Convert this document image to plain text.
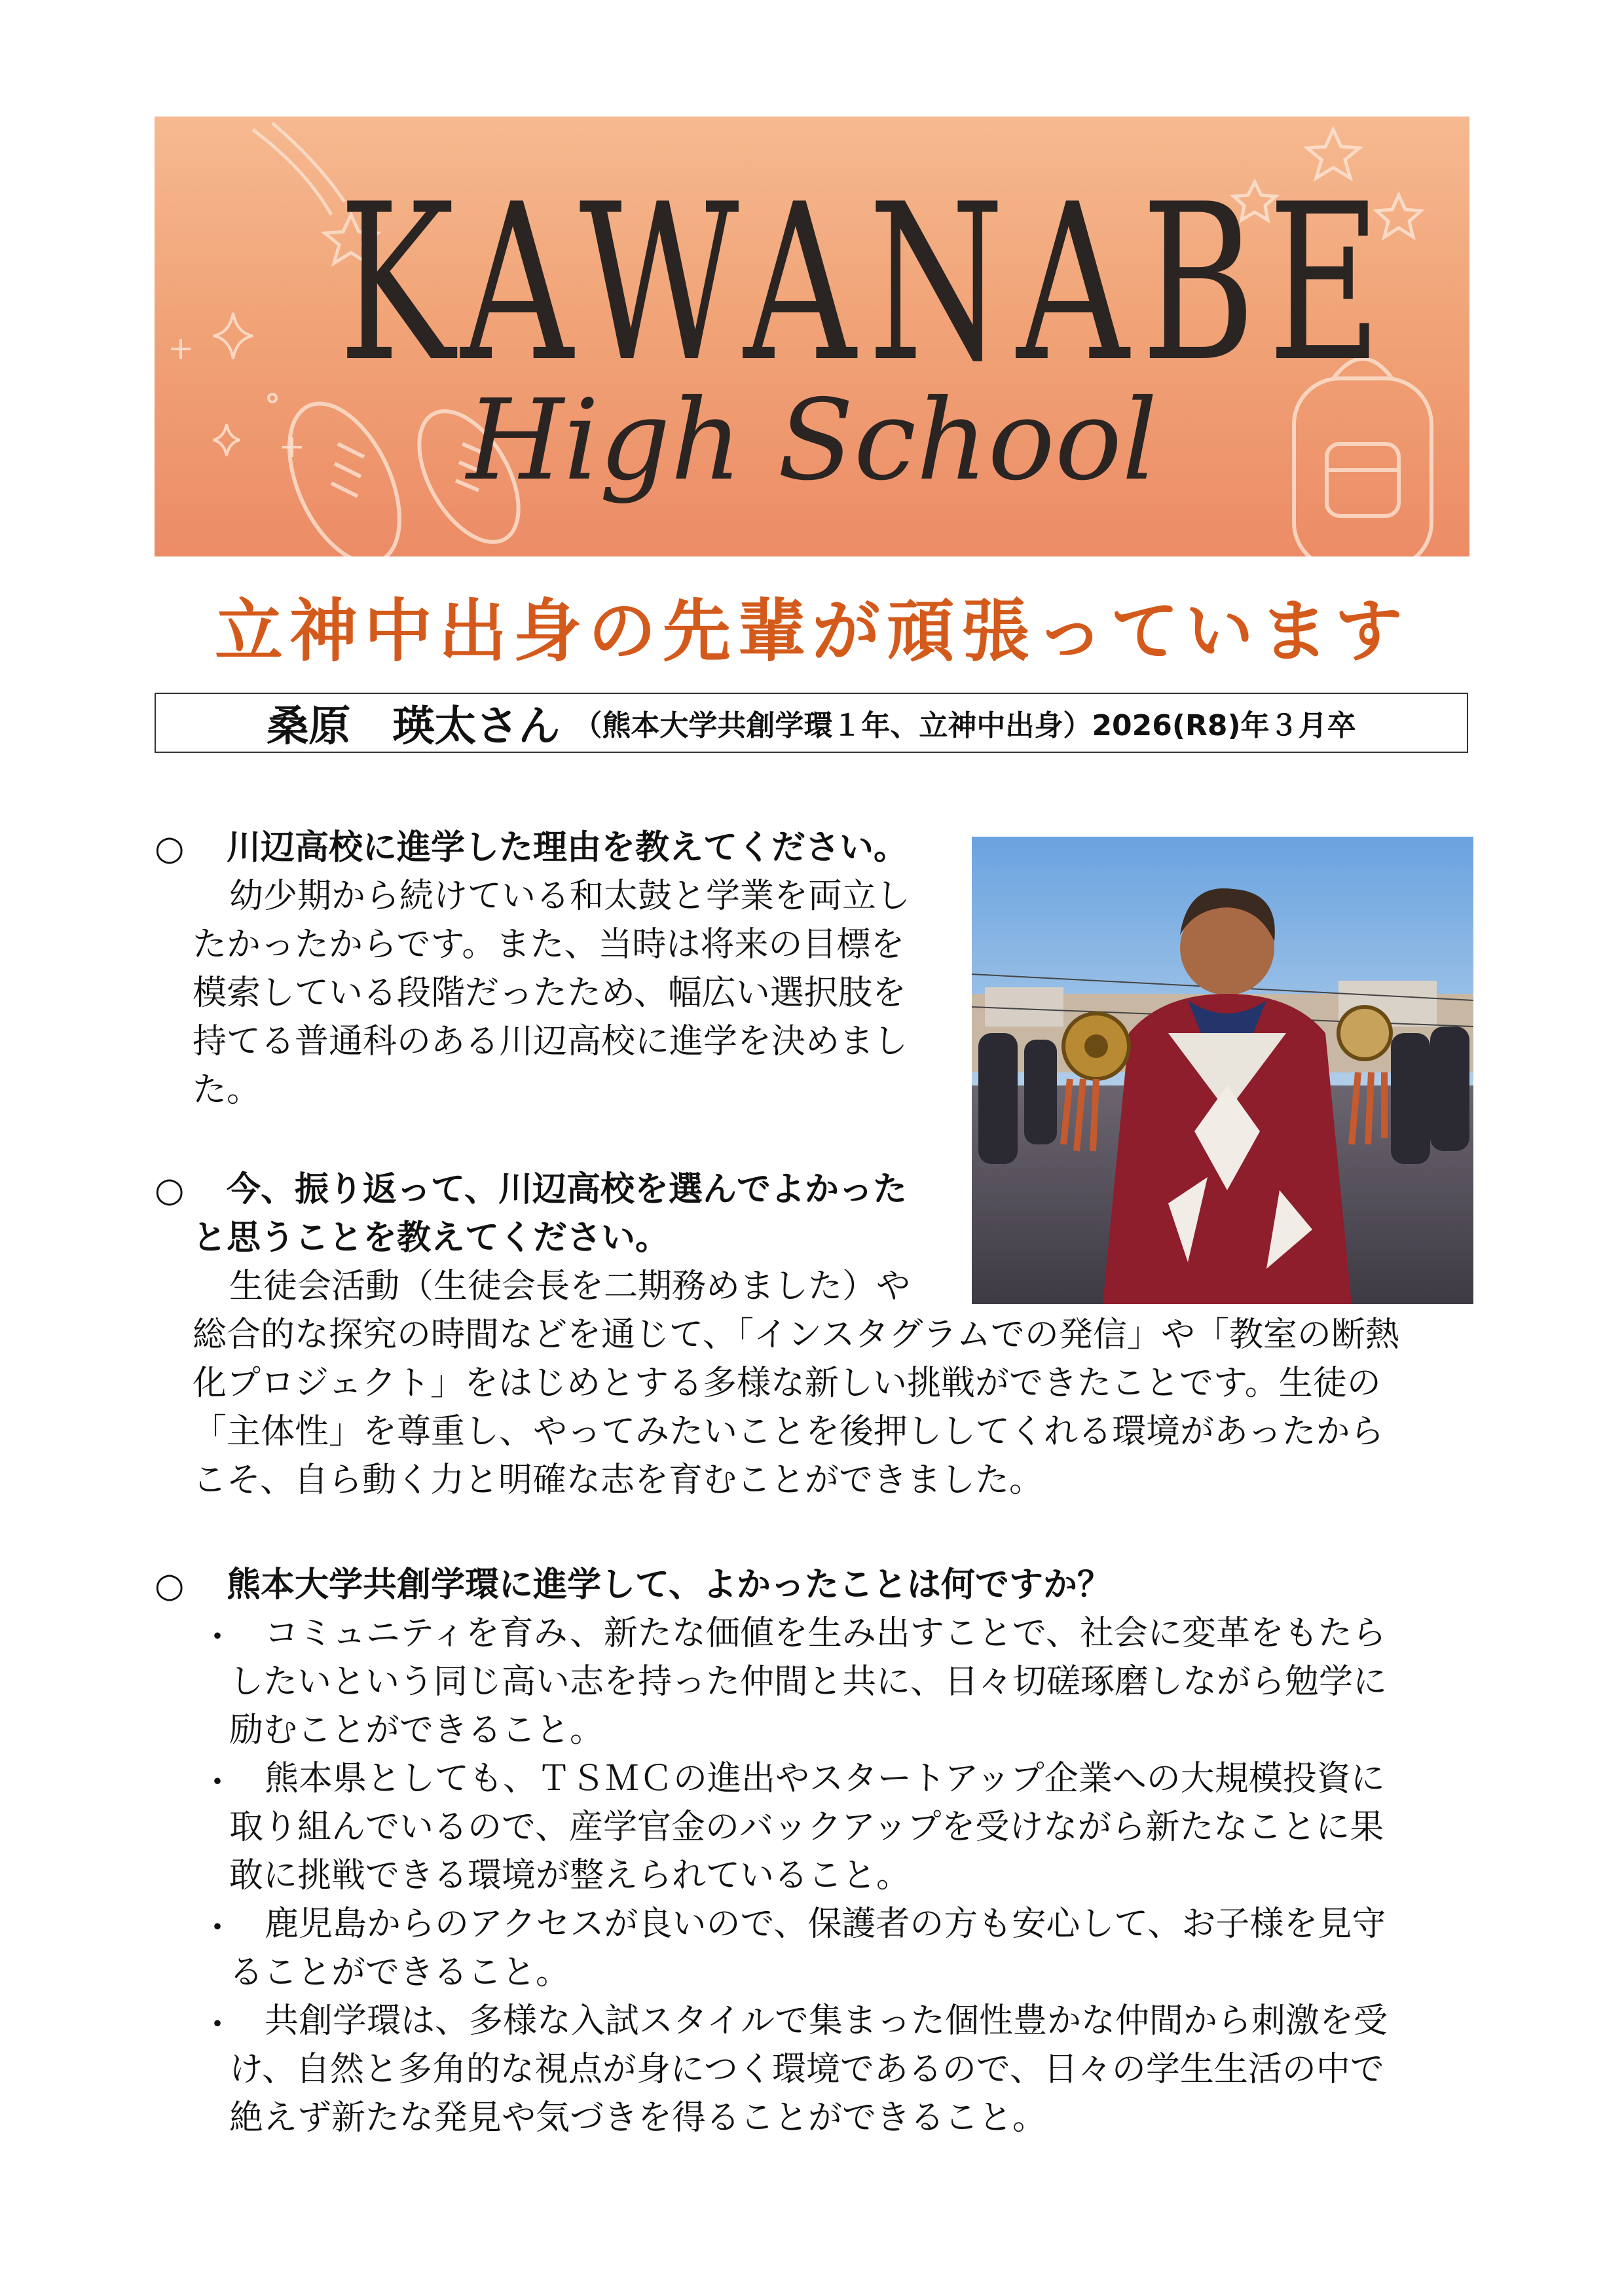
KAWANABE
High School
立神中出身の先輩が頑張っています
桑原　瑛太さん （熊本大学共創学環１年、立神中出身）2026(R8)年３月卒
○ 川辺高校に進学した理由を教えてください。
幼少期から続けている和太鼓と学業を両立し
たかったからです。また、当時は将来の目標を
模索している段階だったため、幅広い選択肢を
持てる普通科のある川辺高校に進学を決めまし
た。
○ 今、振り返って、川辺高校を選んでよかった
と思うことを教えてください。
生徒会活動（生徒会長を二期務めました）や
総合的な探究の時間などを通じて、「インスタグラムでの発信」や「教室の断熱
化プロジェクト」をはじめとする多様な新しい挑戦ができたことです。生徒の
「主体性」を尊重し、やってみたいことを後押ししてくれる環境があったから
こそ、自ら動く力と明確な志を育むことができました。
○ 熊本大学共創学環に進学して、よかったことは何ですか？
・ コミュニティを育み、新たな価値を生み出すことで、社会に変革をもたら
したいという同じ高い志を持った仲間と共に、日々切磋琢磨しながら勉学に
励むことができること。
・ 熊本県としても、ＴＳＭＣの進出やスタートアップ企業への大規模投資に
取り組んでいるので、産学官金のバックアップを受けながら新たなことに果
敢に挑戦できる環境が整えられていること。
・ 鹿児島からのアクセスが良いので、保護者の方も安心して、お子様を見守
ることができること。
・ 共創学環は、多様な入試スタイルで集まった個性豊かな仲間から刺激を受
け、自然と多角的な視点が身につく環境であるので、日々の学生生活の中で
絶えず新たな発見や気づきを得ることができること。
